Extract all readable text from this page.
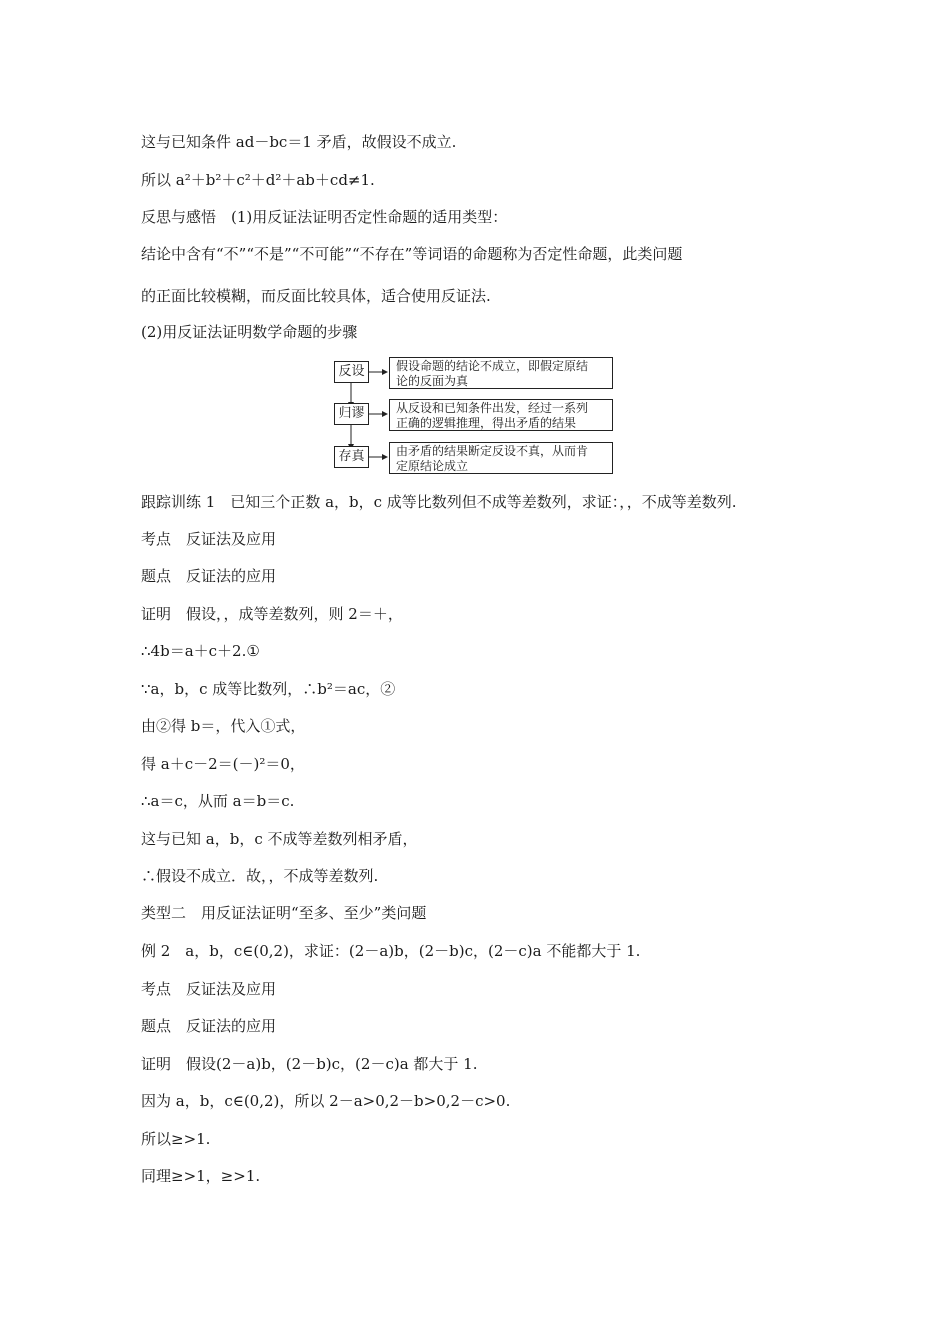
这与已知条件 ad－bc＝1 矛盾，故假设不成立.
所以 a²＋b²＋c²＋d²＋ab＋cd≠1.
反思与感悟　(1)用反证法证明否定性命题的适用类型：
结论中含有“不”“不是”“不可能”“不存在”等词语的命题称为否定性命题，此类问题
的正面比较模糊，而反面比较具体，适合使用反证法.
(2)用反证法证明数学命题的步骤
反设	假设命题的结论不成立，即假定原结
论的反面为真
归谬	从反设和已知条件出发，经过一系列
正确的逻辑推理，得出矛盾的结果
存真	由矛盾的结果断定反设不真，从而肯
定原结论成立
跟踪训练 1　已知三个正数 a，b，c 成等比数列但不成等差数列，求证：，，不成等差数列.
考点　反证法及应用
题点　反证法的应用
证明　假设，，成等差数列，则 2＝＋，
∴4b＝a＋c＋2.①
∵a，b，c 成等比数列，∴b²＝ac，②
由②得 b＝，代入①式，
得 a＋c－2＝(－)²＝0，
∴a＝c，从而 a＝b＝c.
这与已知 a，b，c 不成等差数列相矛盾，
∴假设不成立．故，，不成等差数列.
类型二　用反证法证明“至多、至少”类问题
例 2　a，b，c∈(0,2)，求证：(2－a)b，(2－b)c，(2－c)a 不能都大于 1.
考点　反证法及应用
题点　反证法的应用
证明　假设(2－a)b，(2－b)c，(2－c)a 都大于 1.
因为 a，b，c∈(0,2)，所以 2－a>0,2－b>0,2－c>0.
所以≥>1.
同理≥>1，≥>1.
